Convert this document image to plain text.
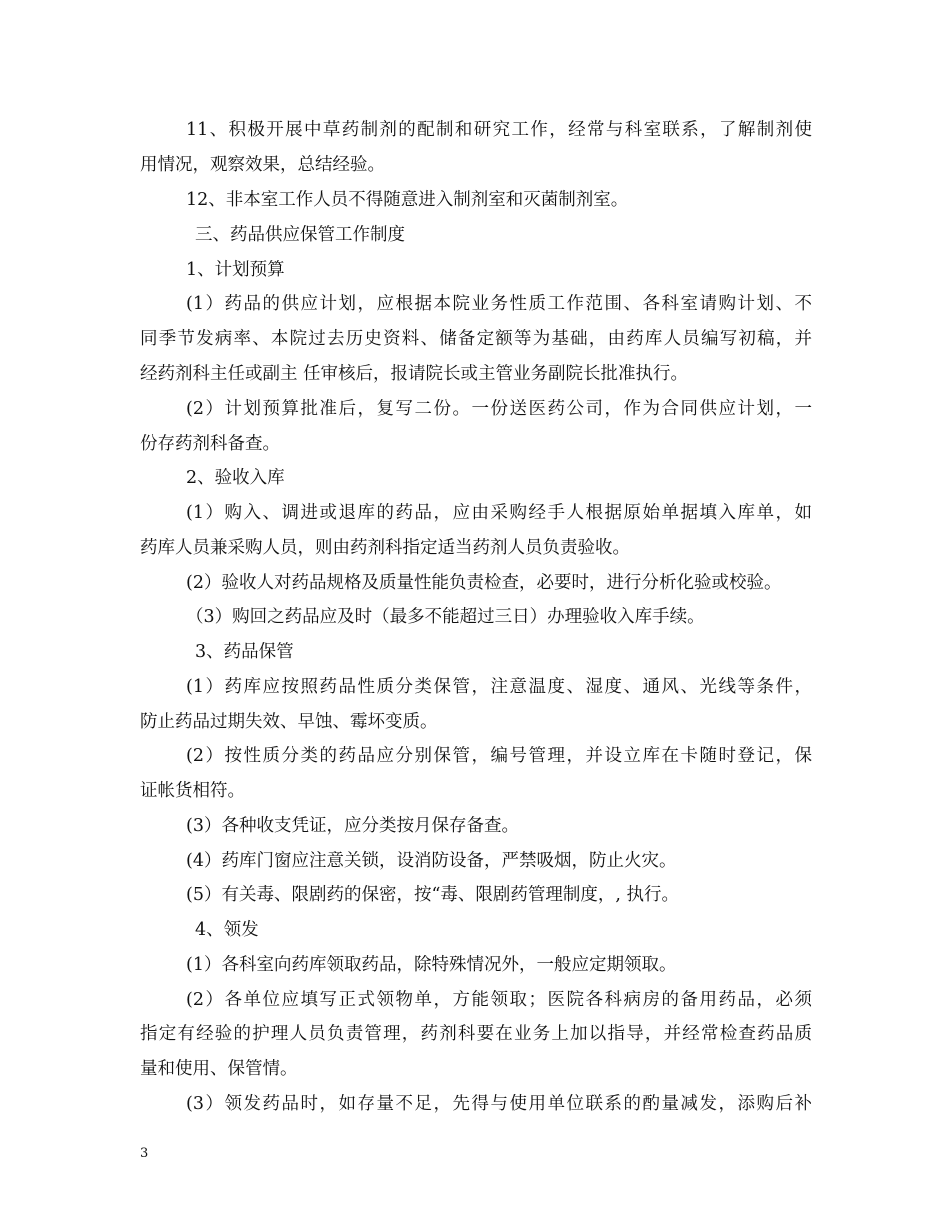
11、积极开展中草药制剂的配制和研究工作，经常与科室联系，了解制剂使
用情况，观察效果，总结经验。
12、非本室工作人员不得随意进入制剂室和灭菌制剂室。
三、药品供应保管工作制度
1、计划预算
(1）药品的供应计划，应根据本院业务性质工作范围、各科室请购计划、不
同季节发病率、本院过去历史资料、储备定额等为基础，由药库人员编写初稿，并
经药剂科主任或副主 任审核后，报请院长或主管业务副院长批准执行。
(2）计划预算批准后，复写二份。一份送医药公司，作为合同供应计划，一
份存药剂科备查。
2、验收入库
(1）购入、调进或退库的药品，应由采购经手人根据原始单据填入库单，如
药库人员兼采购人员，则由药剂科指定适当药剂人员负责验收。
(2）验收人对药品规格及质量性能负责检查，必要时，进行分析化验或校验。
（3）购回之药品应及时（最多不能超过三日）办理验收入库手续。
3、药品保管
(1）药库应按照药品性质分类保管，注意温度、湿度、通风、光线等条件，
防止药品过期失效、早蚀、霉坏变质。
(2）按性质分类的药品应分别保管，编号管理，并设立库在卡随时登记，保
证帐货相符。
(3）各种收支凭证，应分类按月保存备查。
(4）药库门窗应注意关锁，设消防设备，严禁吸烟，防止火灾。
(5）有关毒、限剧药的保密，按“毒、限剧药管理制度，, 执行。
4、领发
(1）各科室向药库领取药品，除特殊情况外，一般应定期领取。
(2）各单位应填写正式领物单，方能领取；医院各科病房的备用药品，必须
指定有经验的护理人员负责管理，药剂科要在业务上加以指导，并经常检查药品质
量和使用、保管情。
(3）领发药品时，如存量不足，先得与使用单位联系的酌量减发，添购后补
3
